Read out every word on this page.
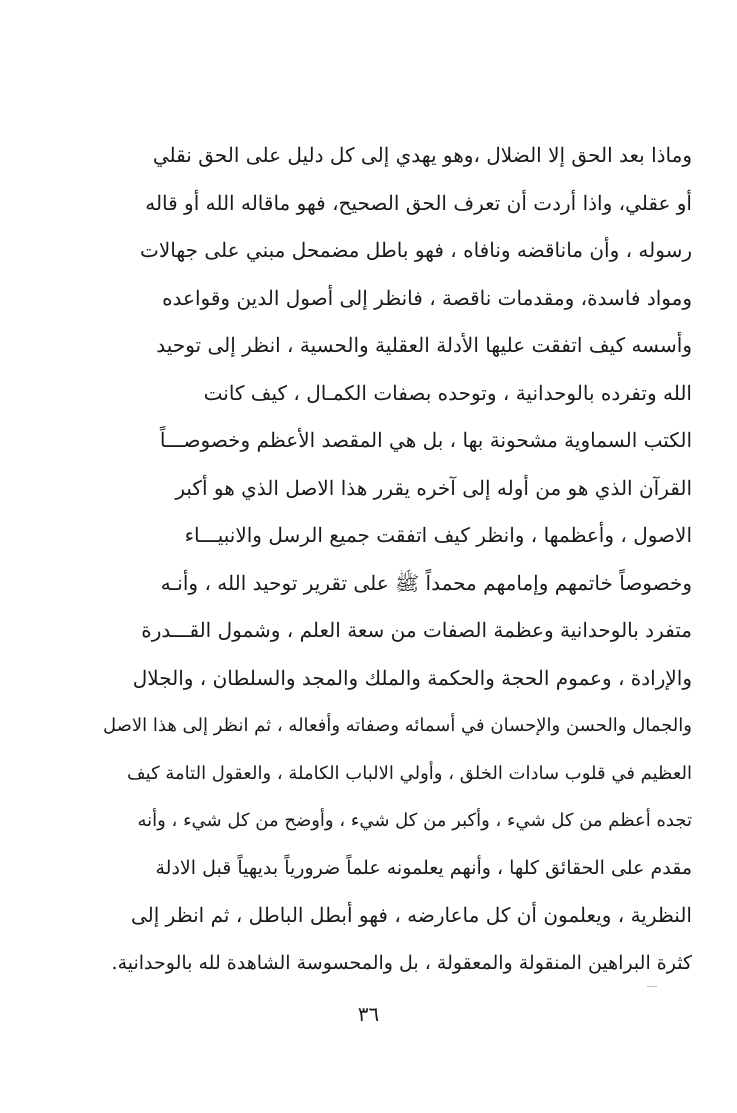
وماذا بعد الحق إلا الضلال ،وهو يهدي إلى كل دليل على الحق نقلي
أو عقلي، واذا أردت أن تعرف الحق الصحيح، فهو ماقاله الله أو قاله
رسوله ، وأن ماناقضه ونافاه ، فهو باطل مضمحل مبني على جهالات
ومواد فاسدة، ومقدمات ناقصة ، فانظر إلى أصول الدين وقواعده
وأسسه كيف اتفقت عليها الأدلة العقلية والحسية ، انظر إلى توحيد
الله وتفرده بالوحدانية ، وتوحده بصفات الكمـال ، كيف كانت
الكتب السماوية مشحونة بها ، بل هي المقصد الأعظم وخصوصـــاً
القرآن الذي هو من أوله إلى آخره يقرر هذا الاصل الذي هو أكبر
الاصول ، وأعظمها ، وانظر كيف اتفقت جميع الرسل والانبيـــاء
وخصوصاً خاتمهم وإمامهم محمداً ﷺ على تقرير توحيد الله ، وأنـه
متفرد بالوحدانية وعظمة الصفات من سعة العلم ، وشمول القـــدرة
والإرادة ، وعموم الحجة والحكمة والملك والمجد والسلطان ، والجلال
والجمال والحسن والإحسان في أسمائه وصفاته وأفعاله ، ثم انظر إلى هذا الاصل
العظيم في قلوب سادات الخلق ، وأولي الالباب الكاملة ، والعقول التامة كيف
تجده أعظم من كل شيء ، وأكبر من كل شيء ، وأوضح من كل شيء ، وأنه
مقدم على الحقائق كلها ، وأنهم يعلمونه علماً ضرورياً بديهياً قبل الادلة
النظرية ، ويعلمون أن كل ماعارضه ، فهو أبطل الباطل ، ثم انظر إلى
كثرة البراهين المنقولة والمعقولة ، بل والمحسوسة الشاهدة لله بالوحدانية.
٣٦
